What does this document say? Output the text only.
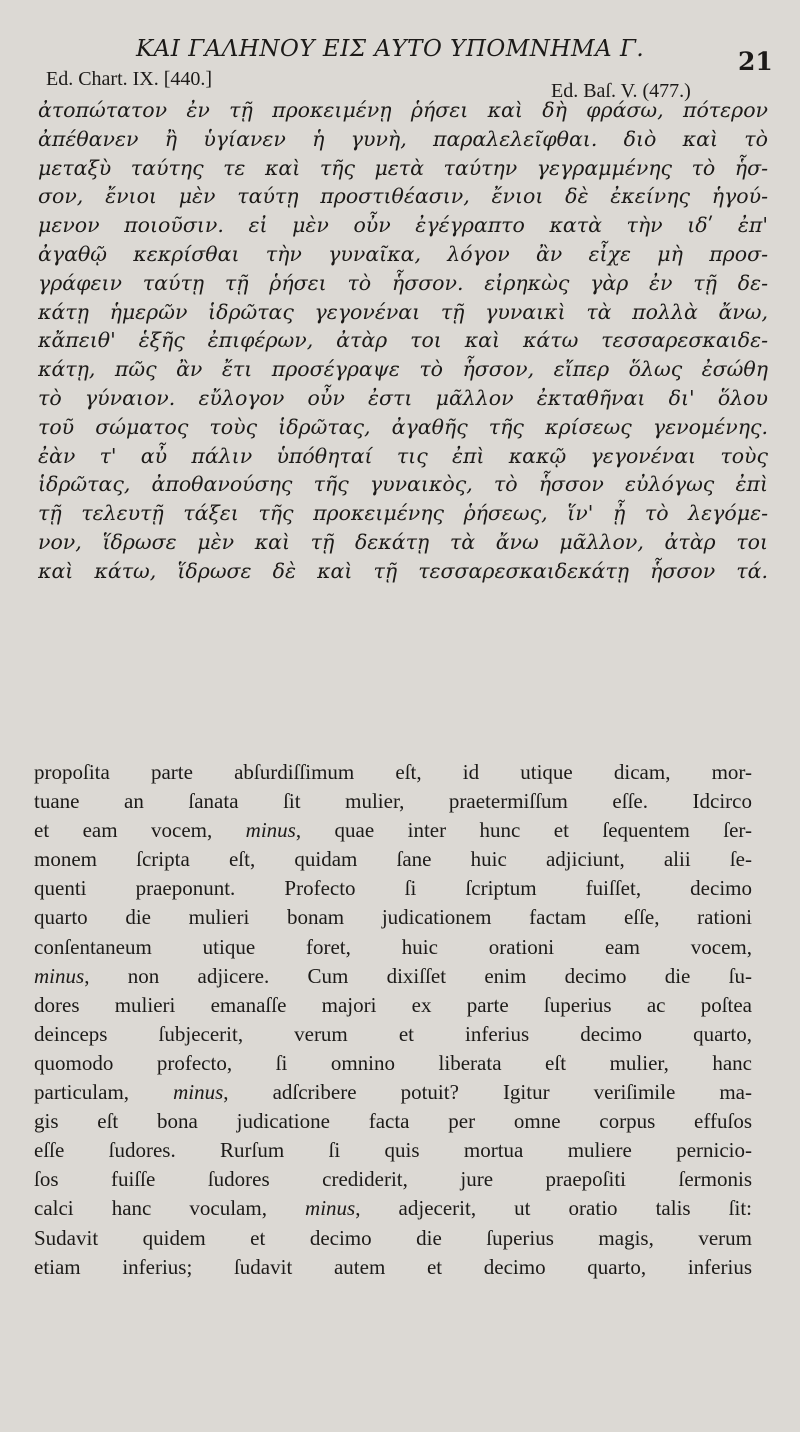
ΚΑΙ ΓΑΛΗΝΟΥ ΕΙΣ ΑΥΤΟ ΥΠΟΜΝΗΜΑ Γ.	21
Ed. Chart. IX. [440.]
Ed. Baſ. V. (477.)
ἀτοπώτατον ἐν τῇ προκειμένῃ ῥήσει καὶ δὴ φράσω, πότερον
ἀπέθανεν ἢ ὑγίανεν ἡ γυνὴ, παραλελεῖφθαι. διὸ καὶ τὸ
μεταξὺ ταύτης τε καὶ τῆς μετὰ ταύτην γεγραμμένης τὸ ἧσ-
σον, ἔνιοι μὲν ταύτῃ προστιθέασιν, ἔνιοι δὲ ἐκείνης ἡγού-
μενον ποιοῦσιν. εἰ μὲν οὖν ἐγέγραπτο κατὰ τὴν ιδʹ ἐπ'
ἀγαθῷ κεκρίσθαι τὴν γυναῖκα, λόγον ἂν εἶχε μὴ προσ-
γράφειν ταύτῃ τῇ ῥήσει τὸ ἧσσον. εἰρηκὼς γὰρ ἐν τῇ δε-
κάτῃ ἡμερῶν ἱδρῶτας γεγονέναι τῇ γυναικὶ τὰ πολλὰ ἄνω,
κἄπειθ' ἑξῆς ἐπιφέρων, ἀτὰρ τοι καὶ κάτω τεσσαρεσκαιδε-
κάτῃ, πῶς ἂν ἔτι προσέγραψε τὸ ἧσσον, εἴπερ ὅλως ἐσώθη
τὸ γύναιον. εὔλογον οὖν ἐστι μᾶλλον ἐκταθῆναι δι' ὅλου
τοῦ σώματος τοὺς ἱδρῶτας, ἀγαθῆς τῆς κρίσεως γενομένης.
ἐὰν τ' αὖ πάλιν ὑπόθηταί τις ἐπὶ κακῷ γεγονέναι τοὺς
ἱδρῶτας, ἀποθανούσης τῆς γυναικὸς, τὸ ἧσσον εὐλόγως ἐπὶ
τῇ τελευτῇ τάξει τῆς προκειμένης ῥήσεως, ἵν' ᾖ τὸ λεγόμε-
νον, ἵδρωσε μὲν καὶ τῇ δεκάτῃ τὰ ἄνω μᾶλλον, ἀτὰρ τοι
καὶ κάτω, ἵδρωσε δὲ καὶ τῇ τεσσαρεσκαιδεκάτῃ ἧσσον τά.
propoſita parte abſurdiſſimum eſt, id utique dicam, mor-
tuane an ſanata ſit mulier, praetermiſſum eſſe. Idcirco
et eam vocem, minus, quae inter hunc et ſequentem ſer-
monem ſcripta eſt, quidam ſane huic adjiciunt, alii ſe-
quenti praeponunt. Profecto ſi ſcriptum fuiſſet, decimo
quarto die mulieri bonam judicationem factam eſſe, rationi
conſentaneum utique foret, huic orationi eam vocem,
minus, non adjicere. Cum dixiſſet enim decimo die ſu-
dores mulieri emanaſſe majori ex parte ſuperius ac poſtea
deinceps ſubjecerit, verum et inferius decimo quarto,
quomodo profecto, ſi omnino liberata eſt mulier, hanc
particulam, minus, adſcribere potuit? Igitur veriſimile ma-
gis eſt bona judicatione facta per omne corpus effuſos
eſſe ſudores. Rurſum ſi quis mortua muliere pernicio-
ſos fuiſſe ſudores crediderit, jure praepoſiti ſermonis
calci hanc voculam, minus, adjecerit, ut oratio talis ſit:
Sudavit quidem et decimo die ſuperius magis, verum
etiam inferius; ſudavit autem et decimo quarto, inferius
